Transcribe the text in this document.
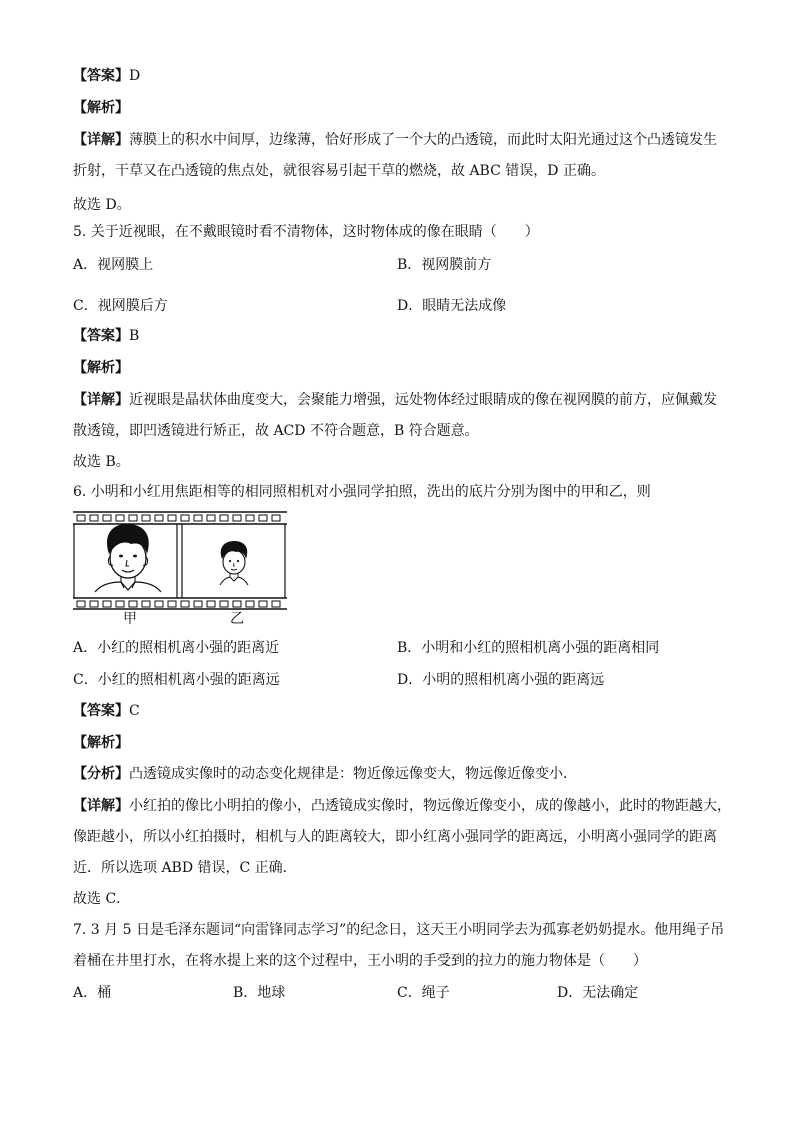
【答案】D
【解析】
【详解】薄膜上的积水中间厚，边缘薄，恰好形成了一个大的凸透镜，而此时太阳光通过这个凸透镜发生
折射，干草又在凸透镜的焦点处，就很容易引起干草的燃烧，故 ABC 错误，D 正确。
故选 D。
5. 关于近视眼，在不戴眼镜时看不清物体，这时物体成的像在眼睛（　　）
A．视网膜上	B．视网膜前方
C．视网膜后方	D．眼睛无法成像
【答案】B
【解析】
【详解】近视眼是晶状体曲度变大，会聚能力增强，远处物体经过眼睛成的像在视网膜的前方，应佩戴发
散透镜，即凹透镜进行矫正，故 ACD 不符合题意，B 符合题意。
故选 B。
6. 小明和小红用焦距相等的相同照相机对小强同学拍照，洗出的底片分别为图中的甲和乙，则
甲	乙
A．小红的照相机离小强的距离近	B．小明和小红的照相机离小强的距离相同
C．小红的照相机离小强的距离远	D．小明的照相机离小强的距离远
【答案】C
【解析】
【分析】凸透镜成实像时的动态变化规律是：物近像远像变大，物远像近像变小．
【详解】小红拍的像比小明拍的像小，凸透镜成实像时，物远像近像变小，成的像越小，此时的物距越大，
像距越小，所以小红拍摄时，相机与人的距离较大，即小红离小强同学的距离远，小明离小强同学的距离
近．所以选项 ABD 错误，C 正确．
故选 C．
7. 3 月 5 日是毛泽东题词“向雷锋同志学习”的纪念日，这天王小明同学去为孤寡老奶奶提水。他用绳子吊
着桶在井里打水，在将水提上来的这个过程中，王小明的手受到的拉力的施力物体是（　　）
A．桶	B．地球	C．绳子	D．无法确定
